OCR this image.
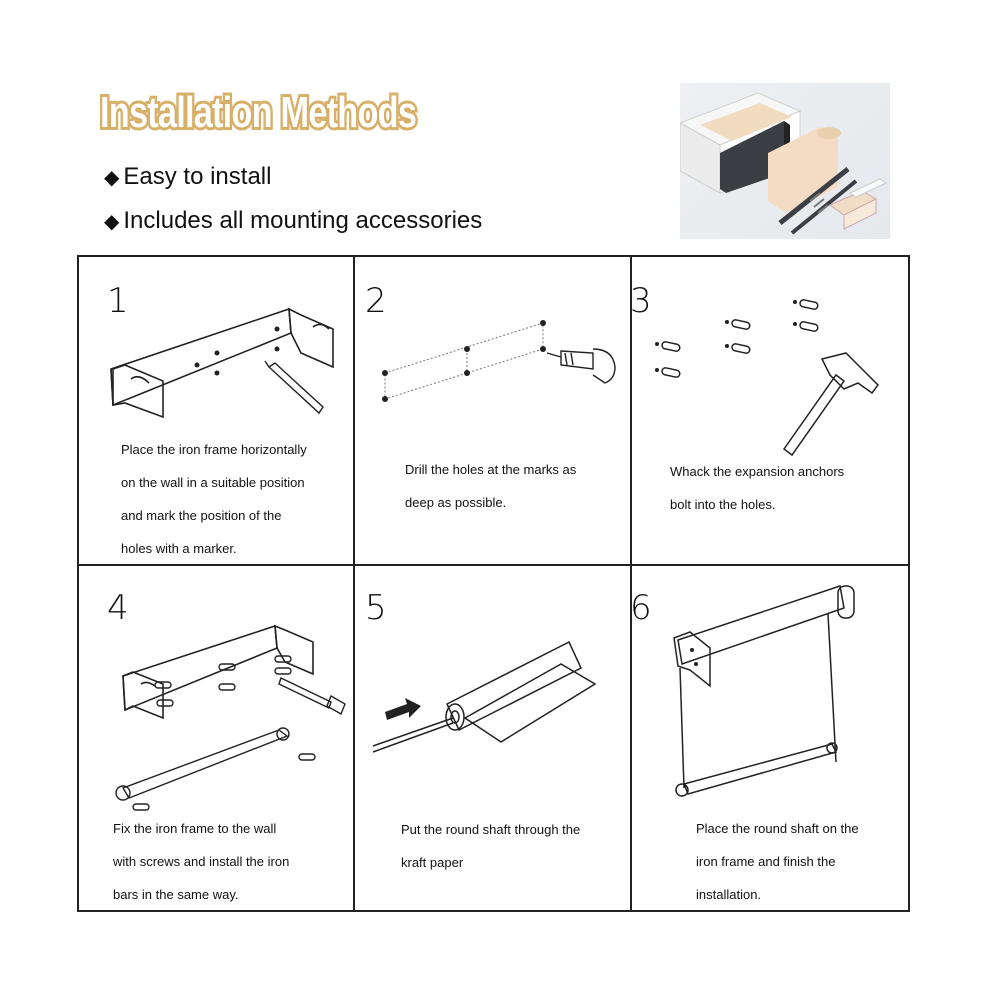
Installation Methods
◆ Easy to install
◆ Includes all mounting accessories
1
Place the iron frame horizontally
on the wall in a suitable position
and mark the position of the
holes with a marker.
2
Drill the holes at the marks as
deep as possible.
3
Whack the expansion anchors
bolt into the holes.
4
Fix the iron frame to the wall
with screws and install the iron
bars in the same way.
5
Put the round shaft through the
kraft paper
6
Place the round shaft on the
iron frame and finish the
installation.
